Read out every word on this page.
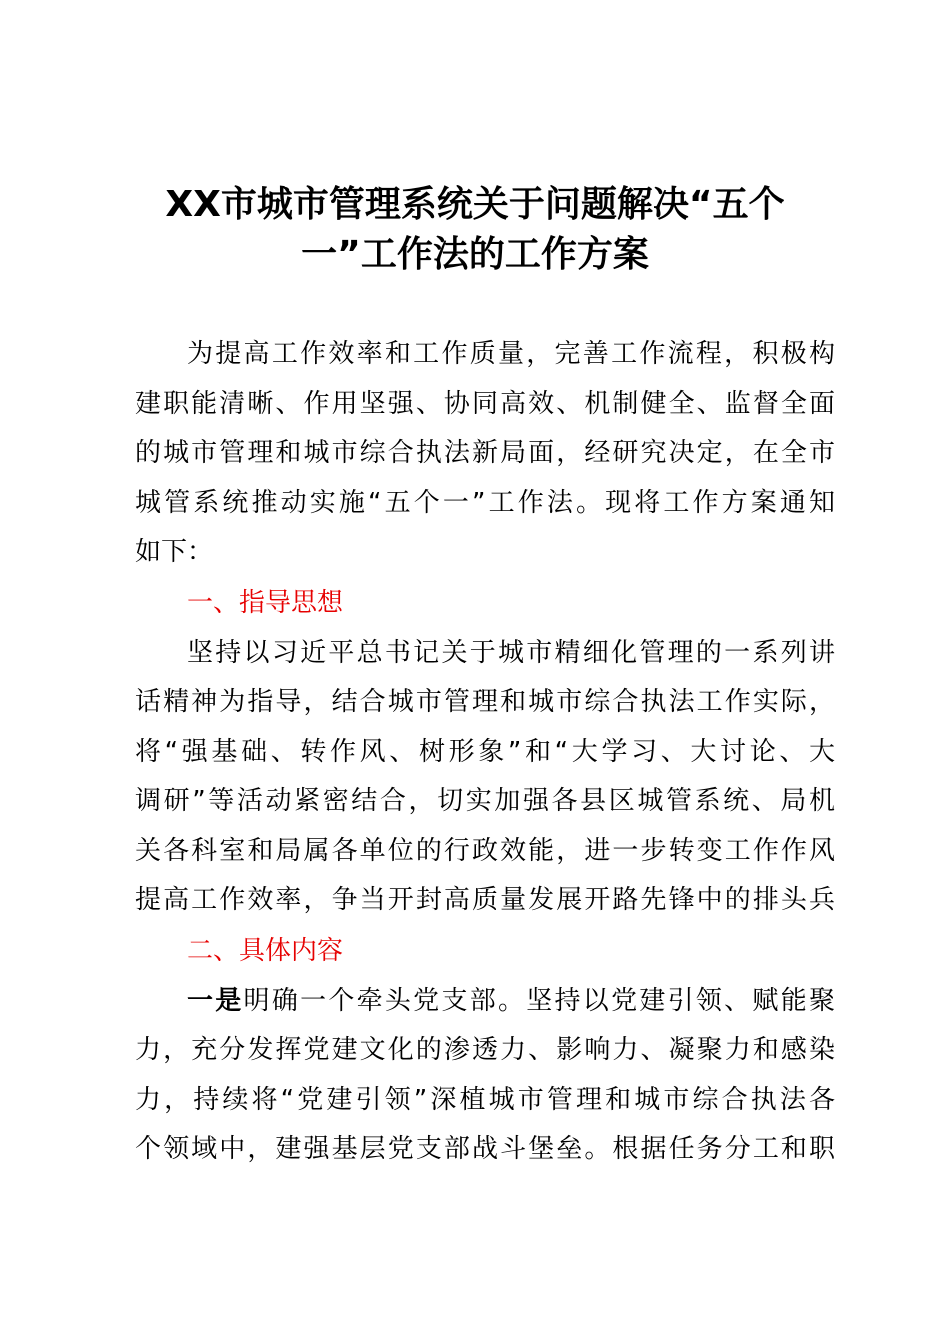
XX市城市管理系统关于问题解决“五个
一”工作法的工作方案
为提高工作效率和工作质量，完善工作流程，积极构
建职能清晰、作用坚强、协同高效、机制健全、监督全面
的城市管理和城市综合执法新局面，经研究决定，在全市
城管系统推动实施“五个一”工作法。现将工作方案通知
如下：
一、指导思想
坚持以习近平总书记关于城市精细化管理的一系列讲
话精神为指导，结合城市管理和城市综合执法工作实际，
将“强基础、转作风、树形象”和“大学习、大讨论、大
调研”等活动紧密结合，切实加强各县区城管系统、局机
关各科室和局属各单位的行政效能，进一步转变工作作风
提高工作效率，争当开封高质量发展开路先锋中的排头兵
二、具体内容
一是明确一个牵头党支部。坚持以党建引领、赋能聚
力，充分发挥党建文化的渗透力、影响力、凝聚力和感染
力，持续将“党建引领”深植城市管理和城市综合执法各
个领域中，建强基层党支部战斗堡垒。根据任务分工和职
